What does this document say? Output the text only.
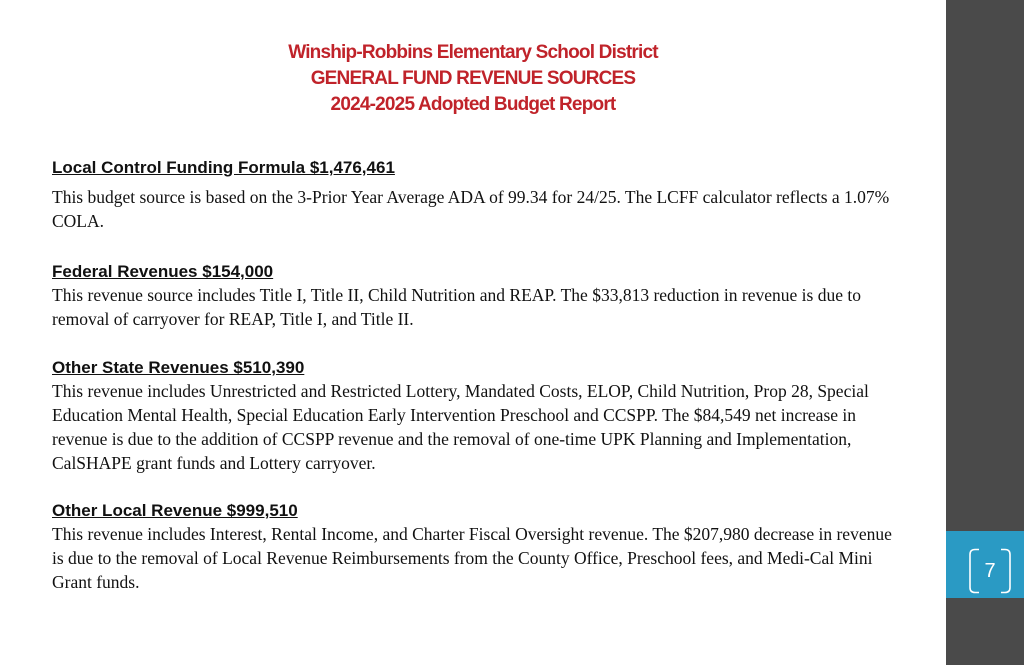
Winship-Robbins Elementary School District
GENERAL FUND REVENUE SOURCES
2024-2025 Adopted Budget Report
Local Control Funding Formula $1,476,461
This budget source is based on the 3-Prior Year Average ADA of 99.34 for 24/25. The LCFF calculator reflects a 1.07% COLA.
Federal Revenues $154,000
This revenue source includes Title I, Title II, Child Nutrition and REAP. The $33,813 reduction in revenue is due to removal of carryover for REAP, Title I, and Title II.
Other State Revenues $510,390
This revenue includes Unrestricted and Restricted Lottery, Mandated Costs, ELOP, Child Nutrition, Prop 28, Special Education Mental Health, Special Education Early Intervention Preschool and CCSPP. The $84,549 net increase in revenue is due to the addition of CCSPP revenue and the removal of one-time UPK Planning and Implementation, CalSHAPE grant funds and Lottery carryover.
Other Local Revenue $999,510
This revenue includes Interest, Rental Income, and Charter Fiscal Oversight revenue. The $207,980 decrease in revenue is due to the removal of Local Revenue Reimbursements from the County Office, Preschool fees, and Medi-Cal Mini Grant funds.	7
